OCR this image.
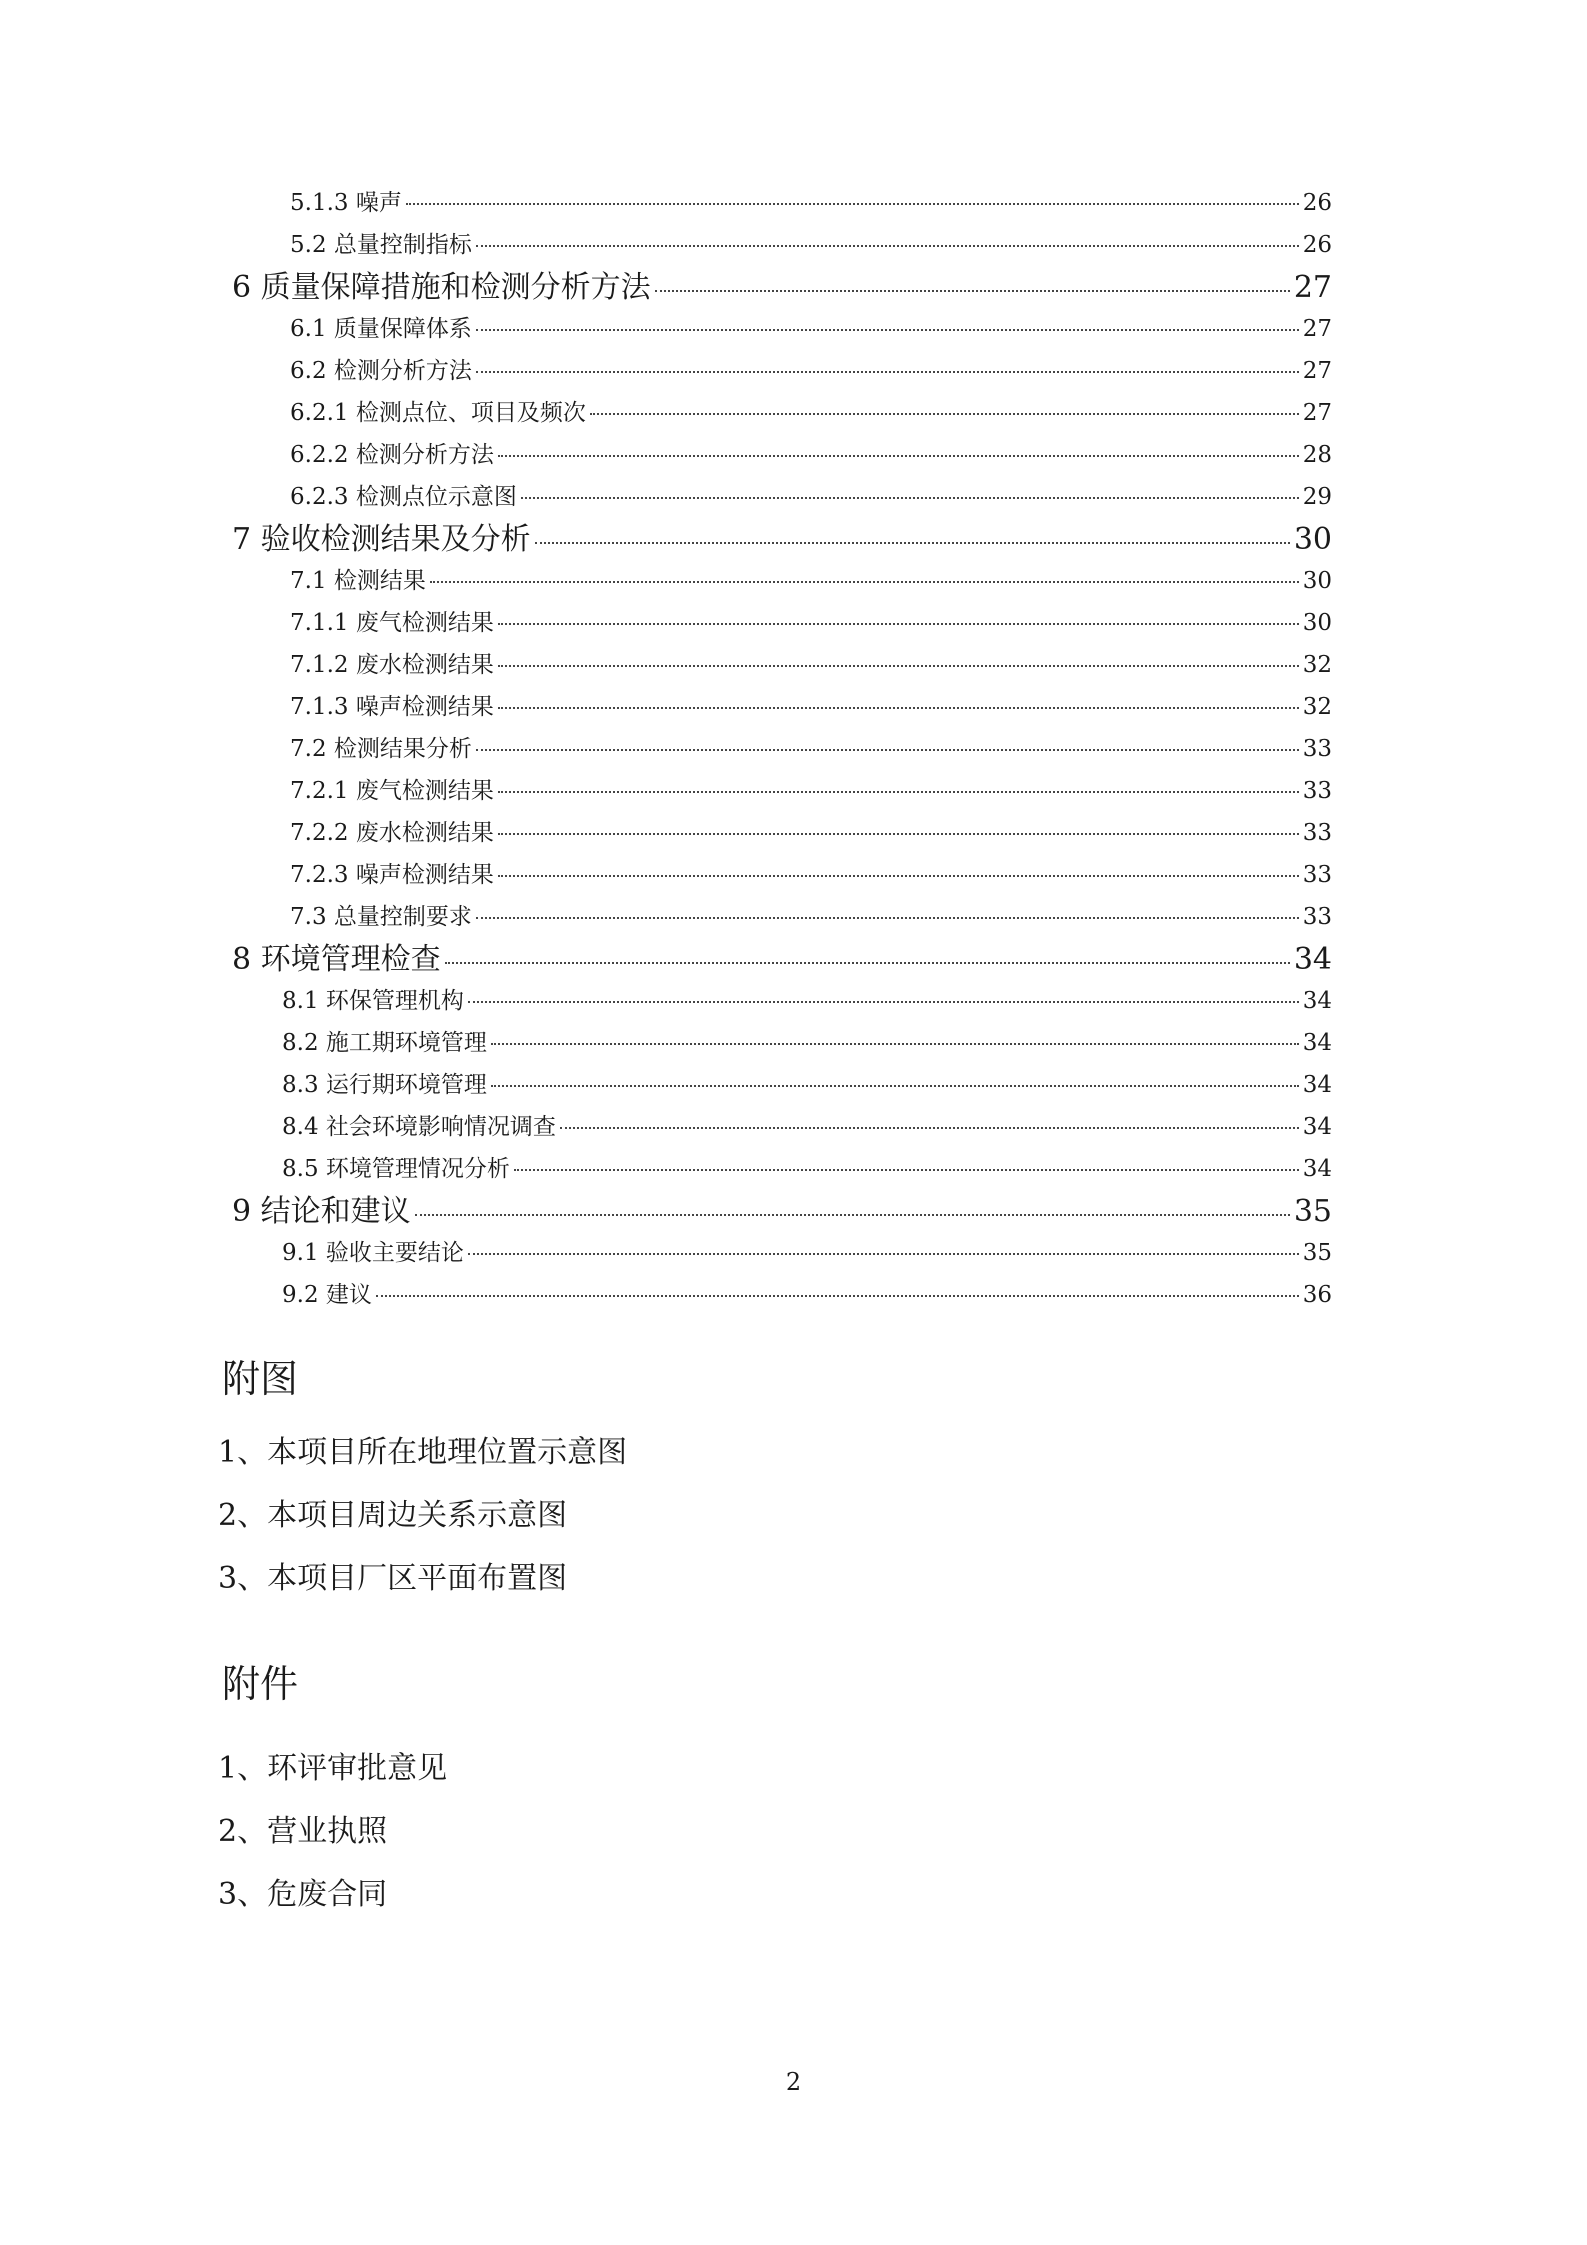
5.1.3 噪声	26
5.2 总量控制指标	26
6 质量保障措施和检测分析方法	27
6.1 质量保障体系	27
6.2 检测分析方法	27
6.2.1 检测点位、项目及频次	27
6.2.2 检测分析方法	28
6.2.3 检测点位示意图	29
7 验收检测结果及分析	30
7.1 检测结果	30
7.1.1 废气检测结果	30
7.1.2 废水检测结果	32
7.1.3 噪声检测结果	32
7.2 检测结果分析	33
7.2.1 废气检测结果	33
7.2.2 废水检测结果	33
7.2.3 噪声检测结果	33
7.3 总量控制要求	33
8 环境管理检查	34
8.1 环保管理机构	34
8.2 施工期环境管理	34
8.3 运行期环境管理	34
8.4 社会环境影响情况调查	34
8.5 环境管理情况分析	34
9 结论和建议	35
9.1 验收主要结论	35
9.2 建议	36
附图
1、本项目所在地理位置示意图
2、本项目周边关系示意图
3、本项目厂区平面布置图
附件
1、环评审批意见
2、营业执照
3、危废合同
2
